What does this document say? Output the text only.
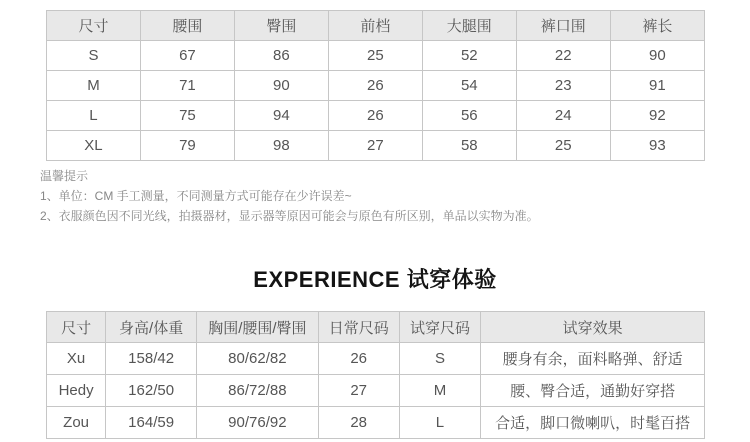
尺寸	腰围	臀围	前档	大腿围	裤口围	裤长
S	67	86	25	52	22	90
M	71	90	26	54	23	91
L	75	94	26	56	24	92
XL	79	98	27	58	25	93
温馨提示
1、单位：CM 手工测量，不同测量方式可能存在少许误差~
2、衣服颜色因不同光线，拍摄器材，显示器等原因可能会与原色有所区别，单品以实物为准。
EXPERIENCE 试穿体验
尺寸	身高/体重	胸围/腰围/臀围	日常尺码	试穿尺码	试穿效果
Xu	158/42	80/62/82	26	S	腰身有余，面料略弹、舒适
Hedy	162/50	86/72/88	27	M	腰、臀合适，通勤好穿搭
Zou	164/59	90/76/92	28	L	合适，脚口微喇叭，时髦百搭
